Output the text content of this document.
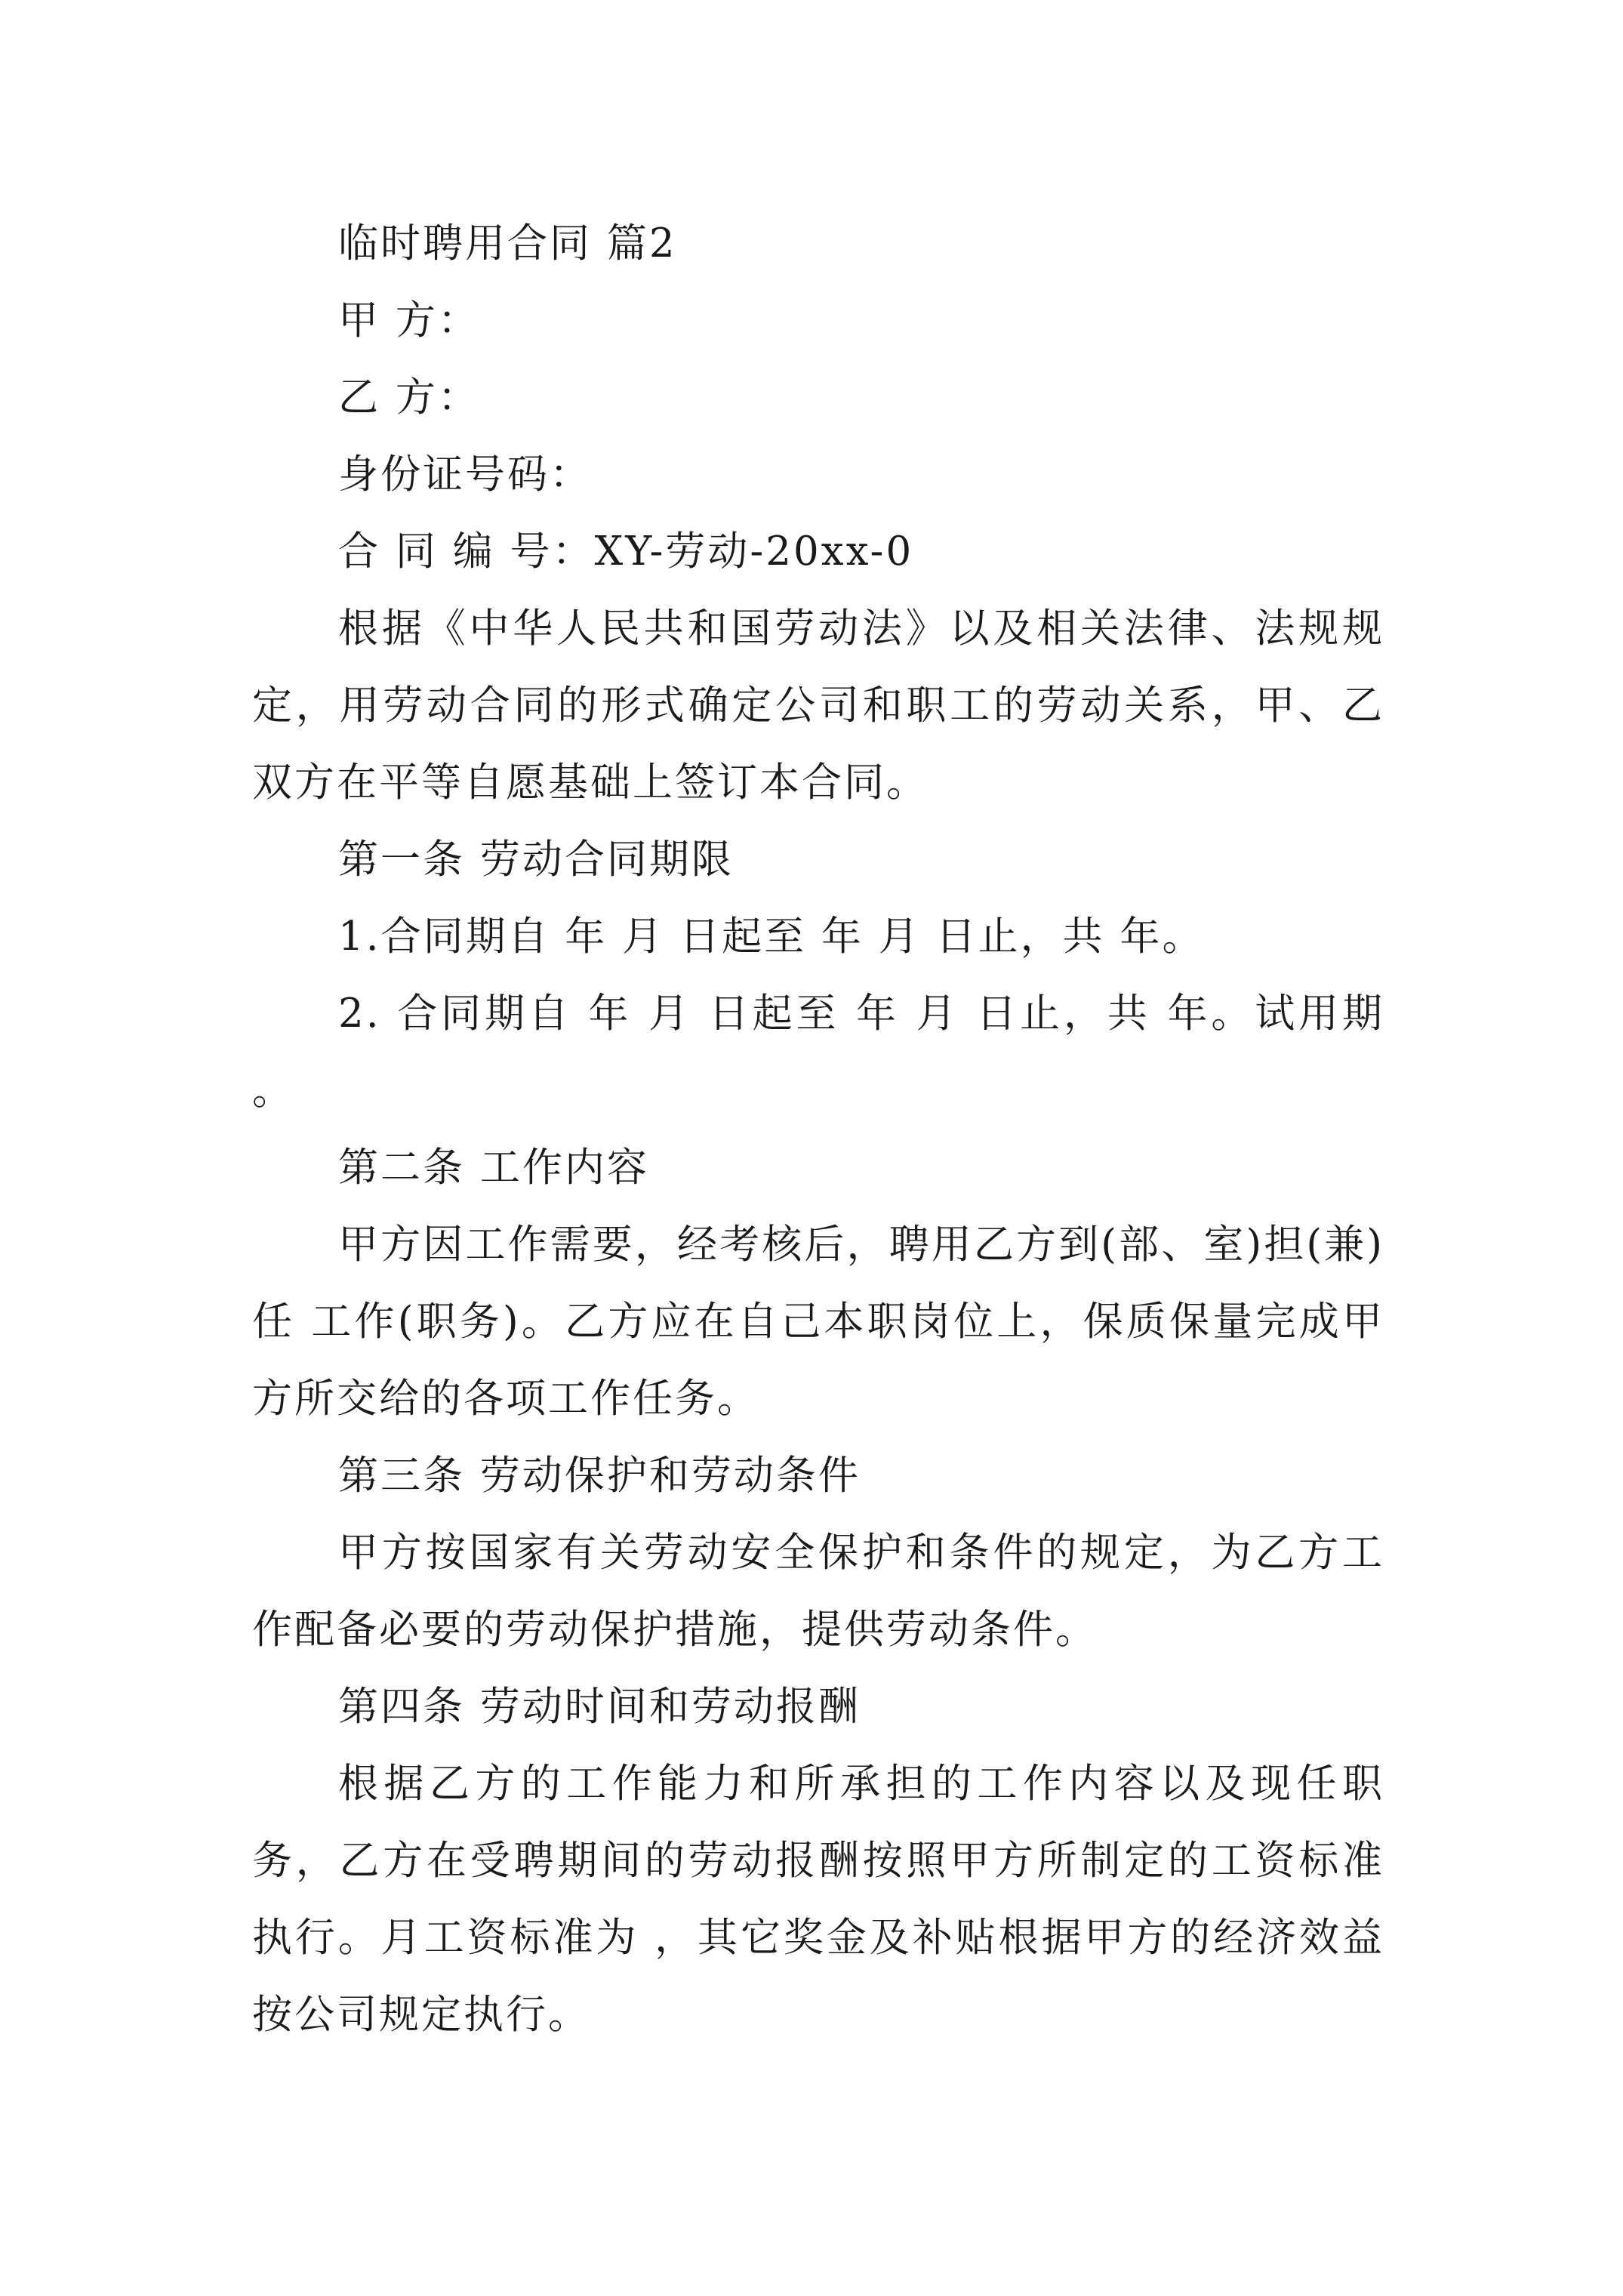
临时聘用合同 篇2

甲 方：

乙 方：

身份证号码：

合 同 编 号：XY-劳动-20xx-0

根据《中华人民共和国劳动法》以及相关法律、法规规定，用劳动合同的形式确定公司和职工的劳动关系，甲、乙双方在平等自愿基础上签订本合同。

第一条 劳动合同期限

1.合同期自 年 月 日起至 年 月 日止，共 年。

2. 合同期自 年 月 日起至 年 月 日止，共 年。试用期 。

第二条 工作内容

甲方因工作需要，经考核后，聘用乙方到(部、室)担(兼)任 工作(职务)。乙方应在自己本职岗位上，保质保量完成甲方所交给的各项工作任务。

第三条 劳动保护和劳动条件

甲方按国家有关劳动安全保护和条件的规定，为乙方工作配备必要的劳动保护措施，提供劳动条件。

第四条 劳动时间和劳动报酬

根据乙方的工作能力和所承担的工作内容以及现任职务，乙方在受聘期间的劳动报酬按照甲方所制定的工资标准执行。月工资标准为 ，其它奖金及补贴根据甲方的经济效益按公司规定执行。
